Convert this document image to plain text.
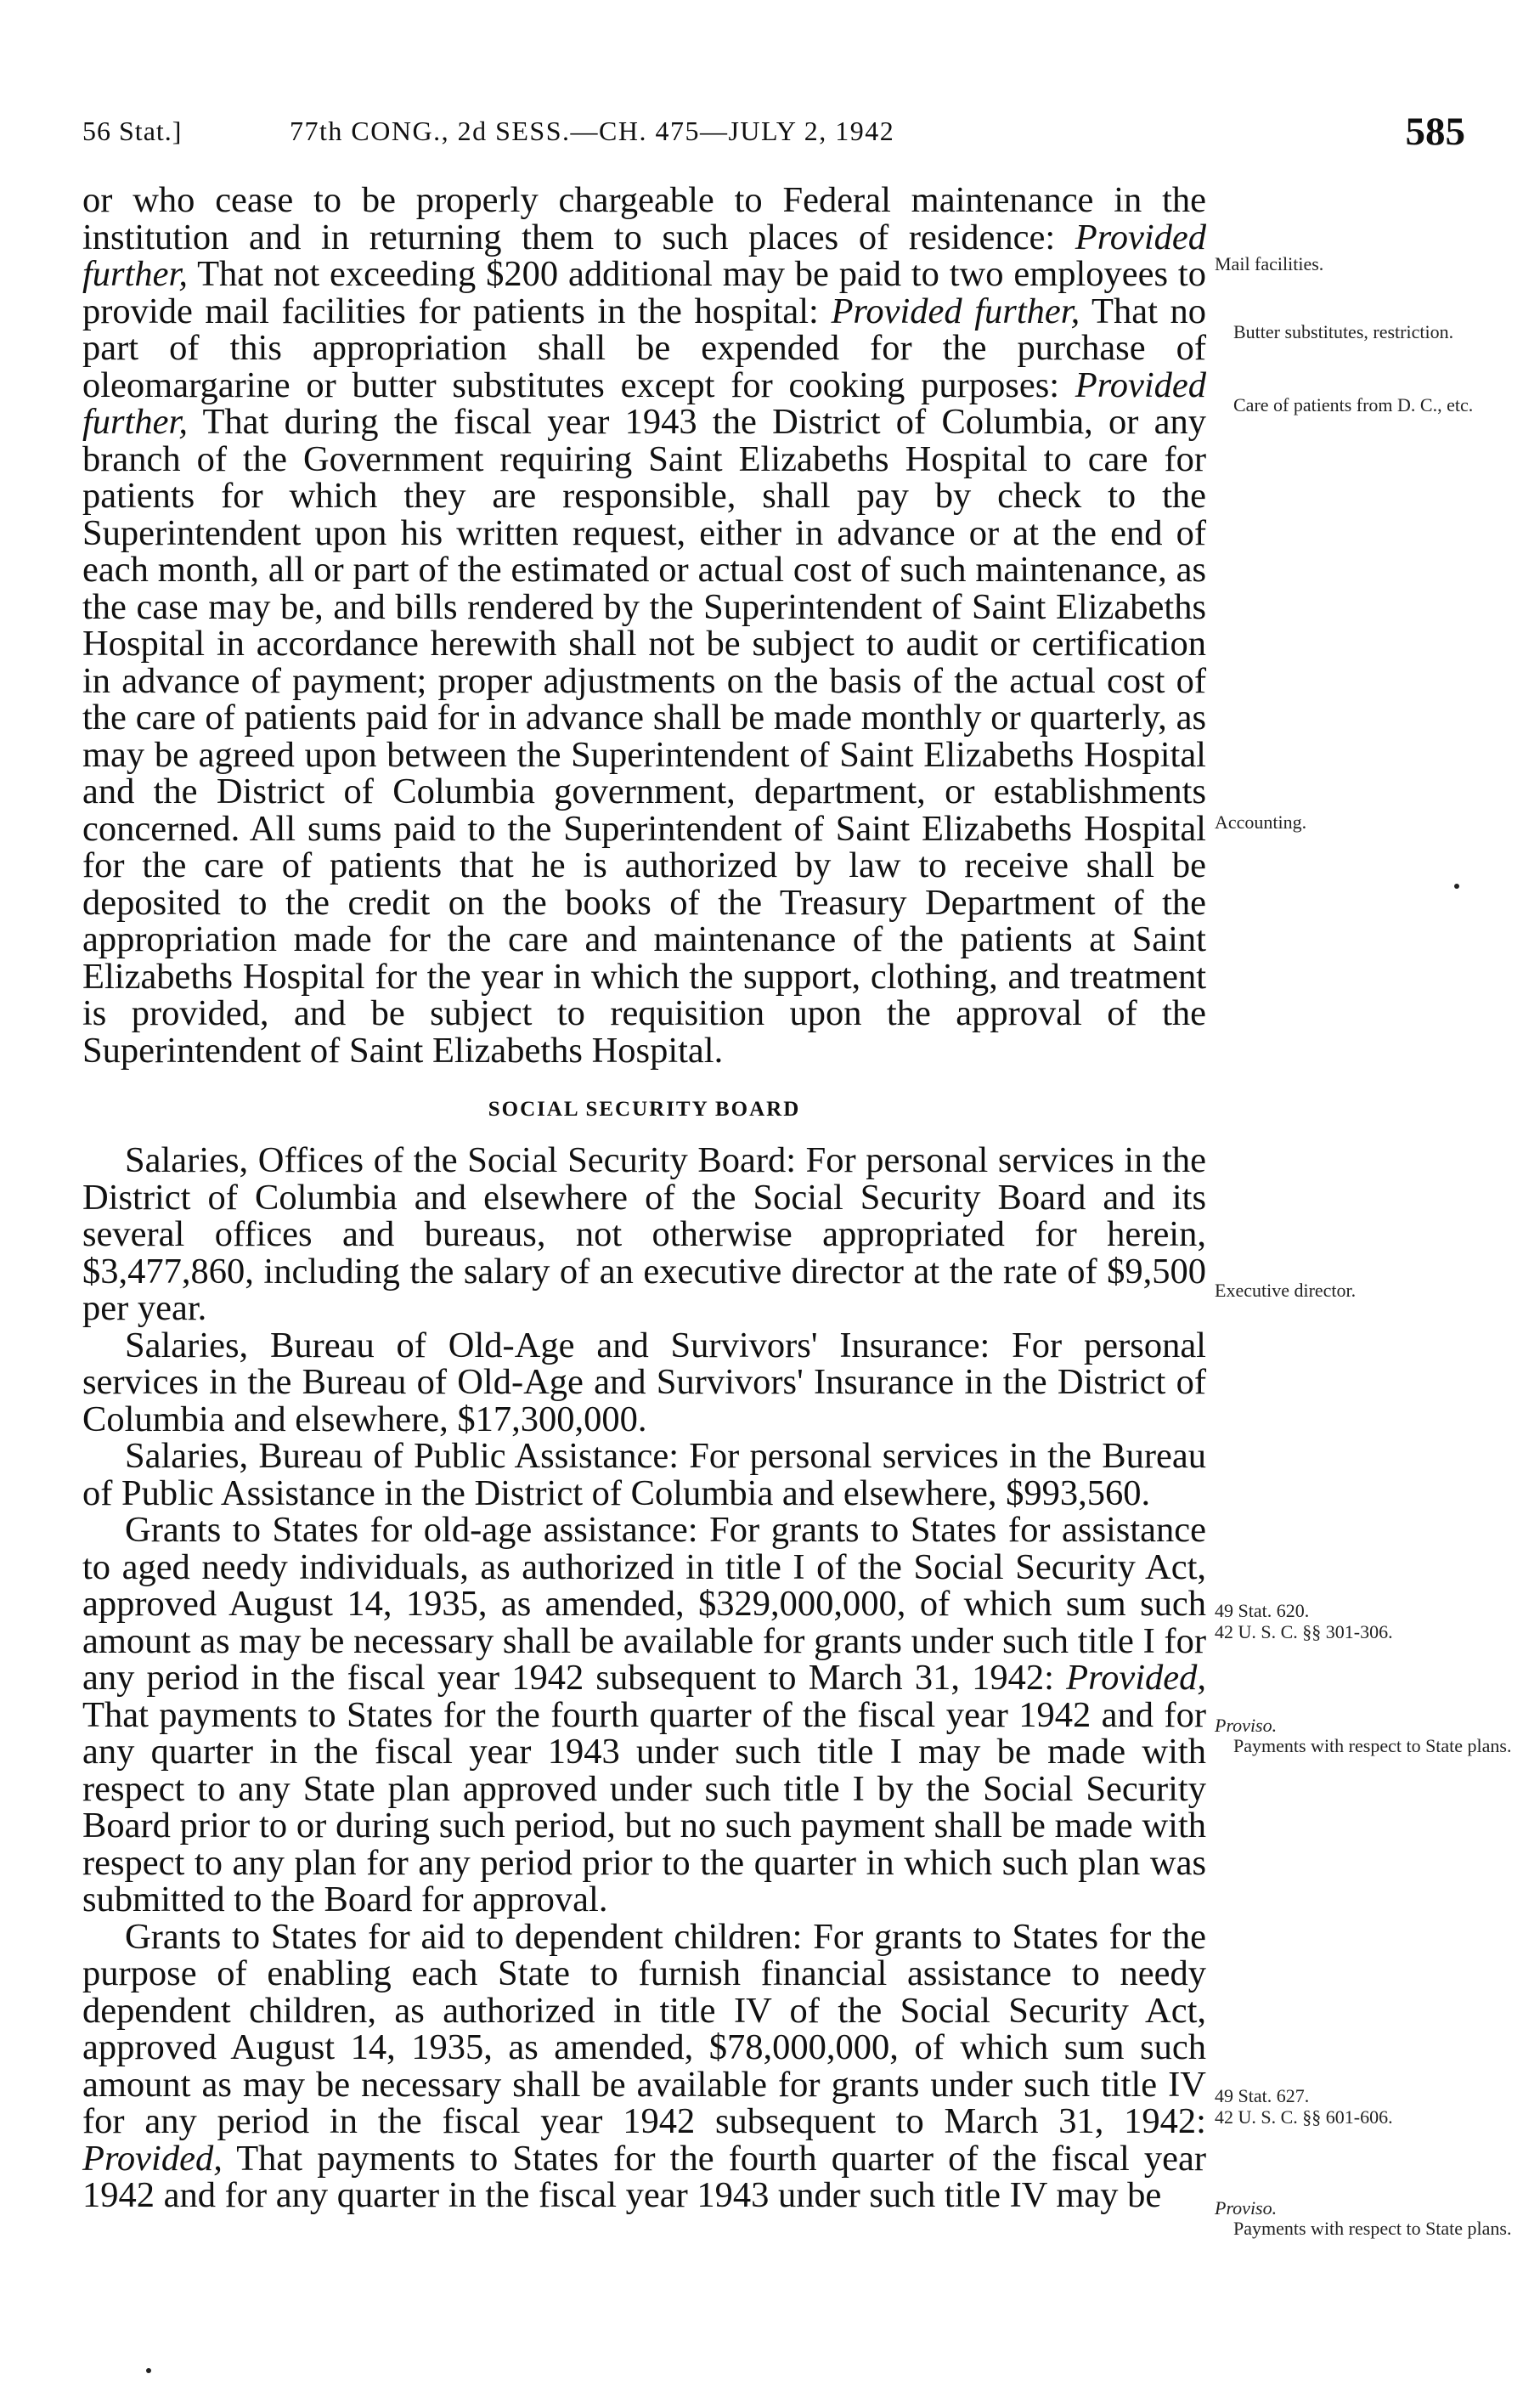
56 Stat.]	77th CONG., 2d SESS.—CH. 475—JULY 2, 1942	585

or who cease to be properly chargeable to Federal maintenance in the institution and in returning them to such places of residence: Provided further, That not exceeding $200 additional may be paid to two employees to provide mail facilities for patients in the hospital: Provided further, That no part of this appropriation shall be expended for the purchase of oleomargarine or butter substitutes except for cooking purposes: Provided further, That during the fiscal year 1943 the District of Columbia, or any branch of the Government requiring Saint Elizabeths Hospital to care for patients for which they are responsible, shall pay by check to the Superintendent upon his written request, either in advance or at the end of each month, all or part of the estimated or actual cost of such maintenance, as the case may be, and bills rendered by the Superintendent of Saint Elizabeths Hospital in accordance herewith shall not be subject to audit or certification in advance of payment; proper adjustments on the basis of the actual cost of the care of patients paid for in advance shall be made monthly or quarterly, as may be agreed upon between the Superintendent of Saint Elizabeths Hospital and the District of Columbia government, department, or establishments concerned. All sums paid to the Superintendent of Saint Elizabeths Hospital for the care of patients that he is authorized by law to receive shall be deposited to the credit on the books of the Treasury Department of the appropriation made for the care and maintenance of the patients at Saint Elizabeths Hospital for the year in which the support, clothing, and treatment is provided, and be subject to requisition upon the approval of the Superintendent of Saint Elizabeths Hospital.

SOCIAL SECURITY BOARD

Salaries, Offices of the Social Security Board: For personal services in the District of Columbia and elsewhere of the Social Security Board and its several offices and bureaus, not otherwise appropriated for herein, $3,477,860, including the salary of an executive director at the rate of $9,500 per year.

Salaries, Bureau of Old-Age and Survivors' Insurance: For personal services in the Bureau of Old-Age and Survivors' Insurance in the District of Columbia and elsewhere, $17,300,000.

Salaries, Bureau of Public Assistance: For personal services in the Bureau of Public Assistance in the District of Columbia and elsewhere, $993,560.

Grants to States for old-age assistance: For grants to States for assistance to aged needy individuals, as authorized in title I of the Social Security Act, approved August 14, 1935, as amended, $329,000,000, of which sum such amount as may be necessary shall be available for grants under such title I for any period in the fiscal year 1942 subsequent to March 31, 1942: Provided, That payments to States for the fourth quarter of the fiscal year 1942 and for any quarter in the fiscal year 1943 under such title I may be made with respect to any State plan approved under such title I by the Social Security Board prior to or during such period, but no such payment shall be made with respect to any plan for any period prior to the quarter in which such plan was submitted to the Board for approval.

Grants to States for aid to dependent children: For grants to States for the purpose of enabling each State to furnish financial assistance to needy dependent children, as authorized in title IV of the Social Security Act, approved August 14, 1935, as amended, $78,000,000, of which sum such amount as may be necessary shall be available for grants under such title IV for any period in the fiscal year 1942 subsequent to March 31, 1942: Provided, That payments to States for the fourth quarter of the fiscal year 1942 and for any quarter in the fiscal year 1943 under such title IV may be

Mail facilities.
Butter substitutes, restriction.
Care of patients from D. C., etc.
Accounting.
Executive director.
49 Stat. 620.
42 U. S. C. §§ 301-306.
Proviso.
Payments with respect to State plans.
49 Stat. 627.
42 U. S. C. §§ 601-606.
Proviso.
Payments with respect to State plans.
